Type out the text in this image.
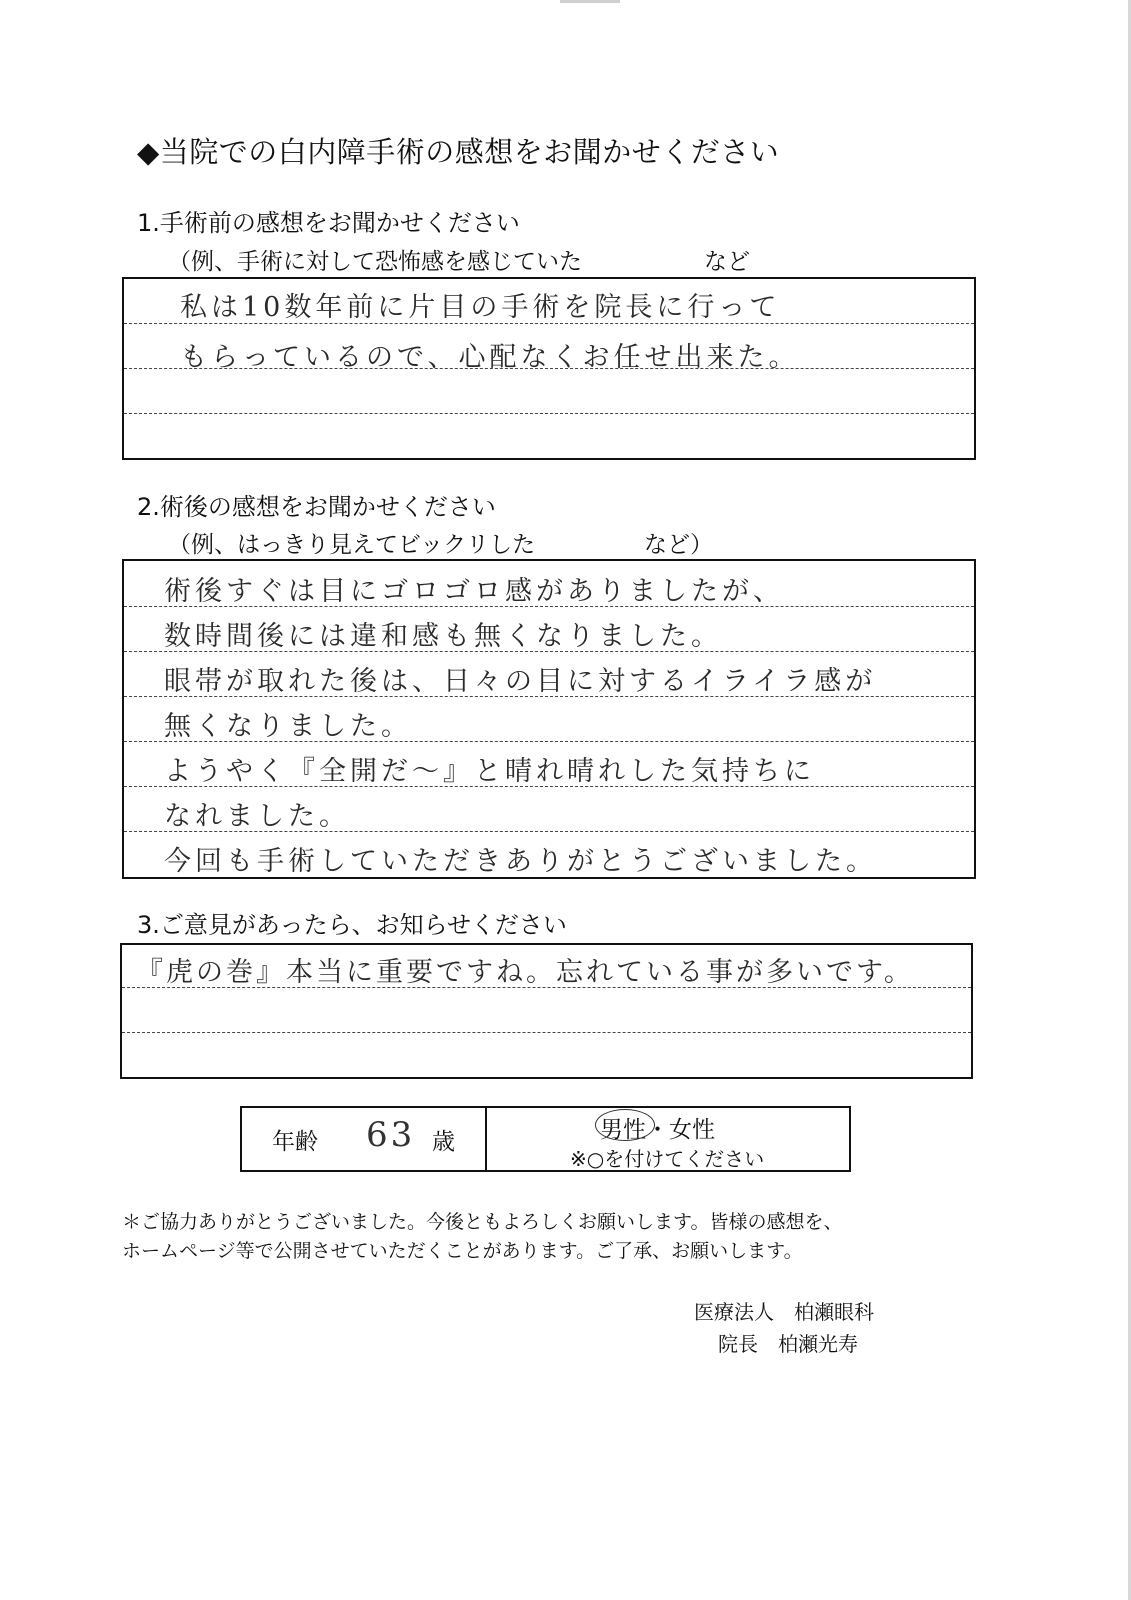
◆当院での白内障手術の感想をお聞かせください
1.手術前の感想をお聞かせください
（例、手術に対して恐怖感を感じていた	など
私は10数年前に片目の手術を院長に行って
もらっているので、心配なくお任せ出来た。
2.術後の感想をお聞かせください
（例、はっきり見えてビックリした	など）
術後すぐは目にゴロゴロ感がありましたが、
数時間後には違和感も無くなりました。
眼帯が取れた後は、日々の目に対するイライラ感が
無くなりました。
ようやく『全開だ〜』と晴れ晴れした気持ちに
なれました。
今回も手術していただきありがとうございました。
3.ご意見があったら、お知らせください
『虎の巻』本当に重要ですね。忘れている事が多いです。
年齢 63 歳	男性・女性
※○を付けてください
＊ご協力ありがとうございました。今後ともよろしくお願いします。皆様の感想を、
ホームページ等で公開させていただくことがあります。ご了承、お願いします。
医療法人　柏瀬眼科
院長　柏瀬光寿
